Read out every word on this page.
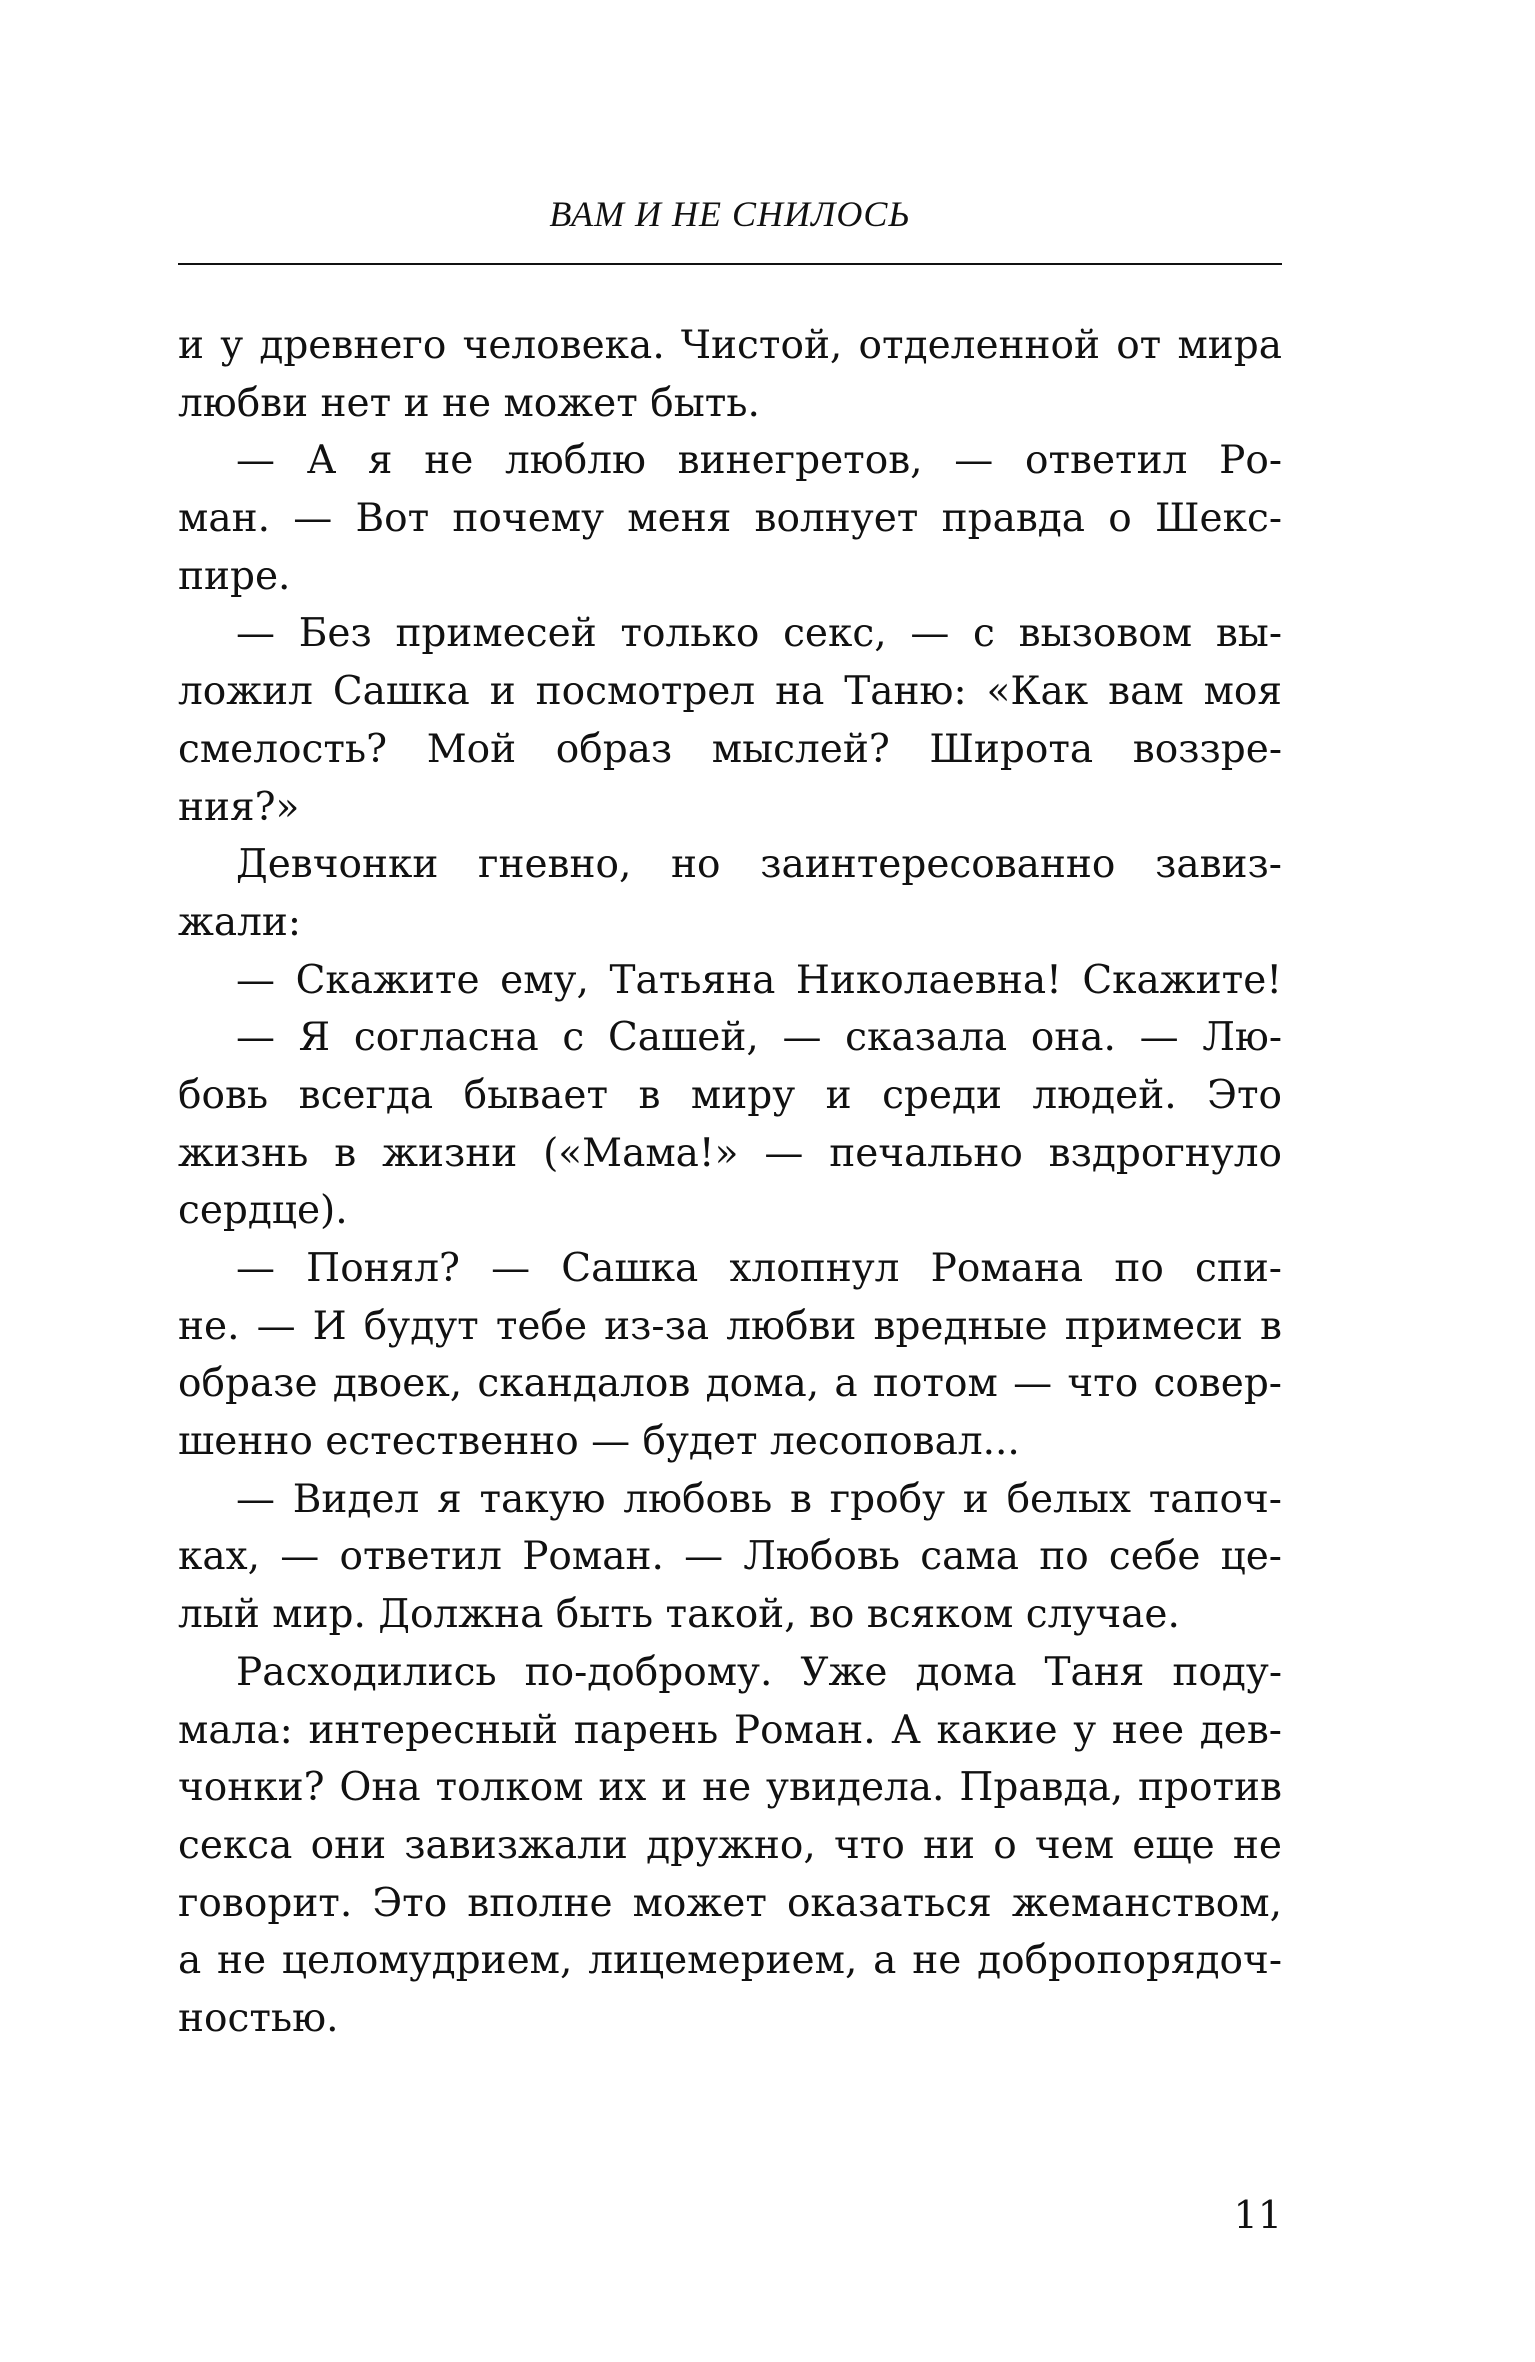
ВАМ И НЕ СНИЛОСЬ
и у древнего человека. Чистой, отделенной от мира
любви нет и не может быть.
— А я не люблю винегретов, — ответил Ро-
ман. — Вот почему меня волнует правда о Шекс-
пире.
— Без примесей только секс, — с вызовом вы-
ложил Сашка и посмотрел на Таню: «Как вам моя
смелость? Мой образ мыслей? Широта воззре-
ния?»
Девчонки гневно, но заинтересованно завиз-
жали:
— Скажите ему, Татьяна Николаевна! Скажите!
— Я согласна с Сашей, — сказала она. — Лю-
бовь всегда бывает в миру и среди людей. Это
жизнь в жизни («Мама!» — печально вздрогнуло
сердце).
— Понял? — Сашка хлопнул Романа по спи-
не. — И будут тебе из-за любви вредные примеси в
образе двоек, скандалов дома, а потом — что совер-
шенно естественно — будет лесоповал...
— Видел я такую любовь в гробу и белых тапоч-
ках, — ответил Роман. — Любовь сама по себе це-
лый мир. Должна быть такой, во всяком случае.
Расходились по-доброму. Уже дома Таня поду-
мала: интересный парень Роман. А какие у нее дев-
чонки? Она толком их и не увидела. Правда, против
секса они завизжали дружно, что ни о чем еще не
говорит. Это вполне может оказаться жеманством,
а не целомудрием, лицемерием, а не добропорядоч-
ностью.
11
